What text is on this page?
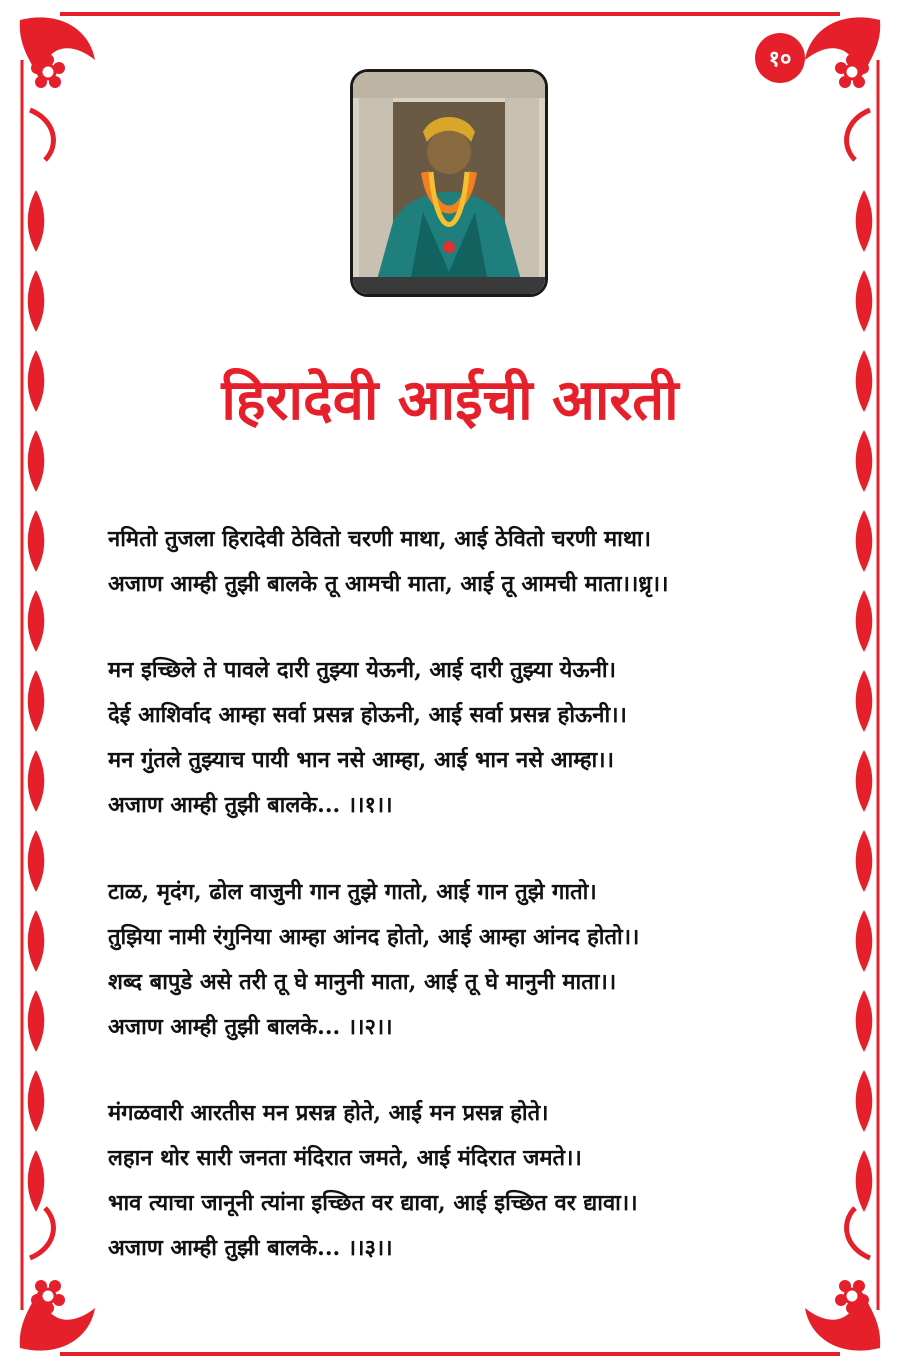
१०
हिरादेवी आईची आरती
नमितो तुजला हिरादेवी ठेवितो चरणी माथा, आई ठेवितो चरणी माथा।
अजाण आम्ही तुझी बालके तू आमची माता, आई तू आमची माता।।ध्रृ।।
मन इच्छिले ते पावले दारी तुझ्या येऊनी, आई दारी तुझ्या येऊनी।
देई आशिर्वाद आम्हा सर्वा प्रसन्न होऊनी, आई सर्वा प्रसन्न होऊनी।।
मन गुंतले तुझ्याच पायी भान नसे आम्हा, आई भान नसे आम्हा।।
अजाण आम्ही तुझी बालके... ।।१।।
टाळ, मृदंग, ढोल वाजुनी गान तुझे गातो, आई गान तुझे गातो।
तुझिया नामी रंगुनिया आम्हा आंनद होतो, आई आम्हा आंनद होतो।।
शब्द बापुडे असे तरी तू घे मानुनी माता, आई तू घे मानुनी माता।।
अजाण आम्ही तुझी बालके... ।।२।।
मंगळवारी आरतीस मन प्रसन्न होते, आई मन प्रसन्न होते।
लहान थोर सारी जनता मंदिरात जमते, आई मंदिरात जमते।।
भाव त्याचा जानूनी त्यांना इच्छित वर द्यावा, आई इच्छित वर द्यावा।।
अजाण आम्ही तुझी बालके... ।।३।।
